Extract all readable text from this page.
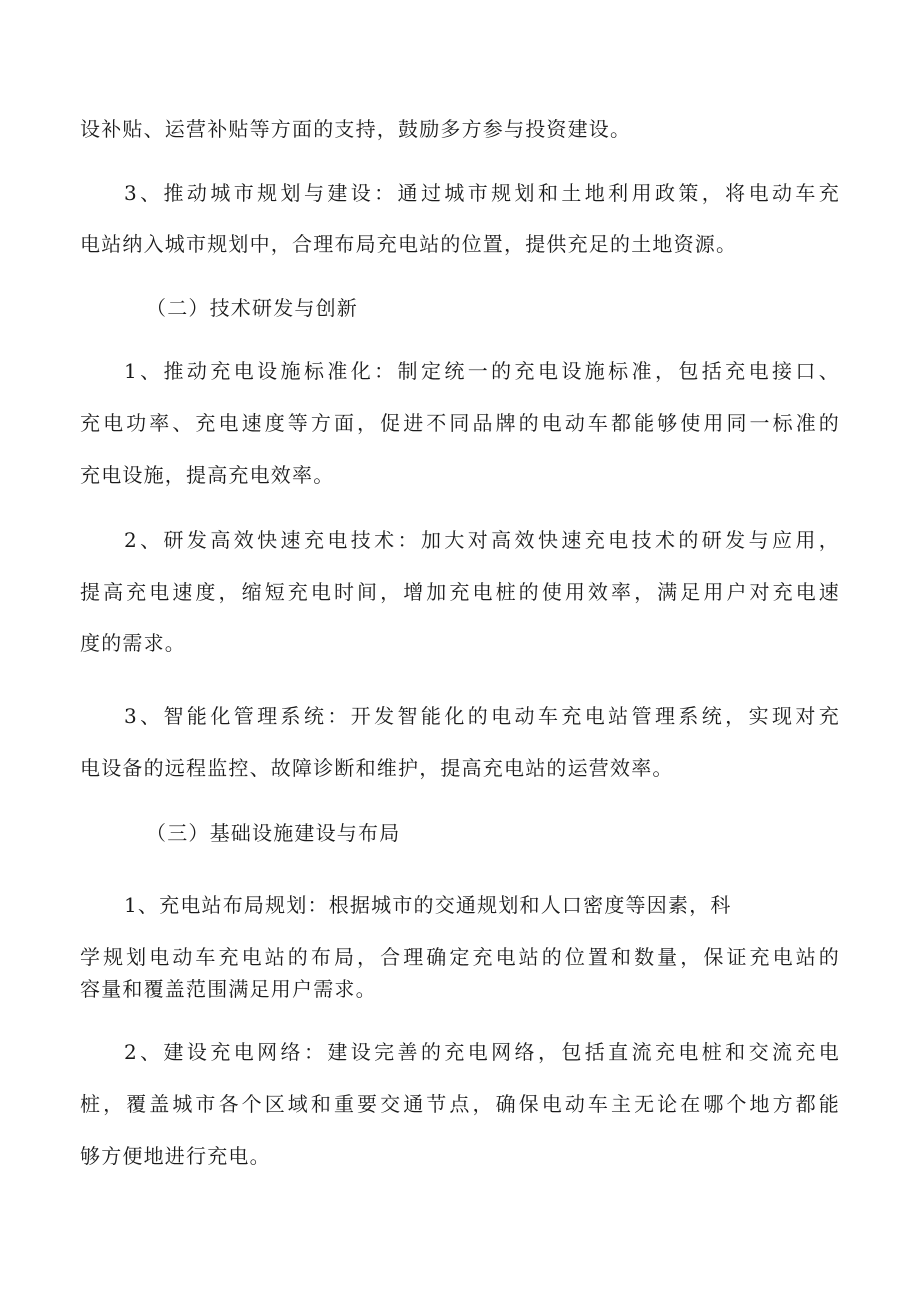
设补贴、运营补贴等方面的支持，鼓励多方参与投资建设。
3、推动城市规划与建设：通过城市规划和土地利用政策，将电动车充
电站纳入城市规划中，合理布局充电站的位置，提供充足的土地资源。
（二）技术研发与创新
1、推动充电设施标准化：制定统一的充电设施标准，包括充电接口、
充电功率、充电速度等方面，促进不同品牌的电动车都能够使用同一标准的
充电设施，提高充电效率。
2、研发高效快速充电技术：加大对高效快速充电技术的研发与应用，
提高充电速度，缩短充电时间，增加充电桩的使用效率，满足用户对充电速
度的需求。
3、智能化管理系统：开发智能化的电动车充电站管理系统，实现对充
电设备的远程监控、故障诊断和维护，提高充电站的运营效率。
（三）基础设施建设与布局
1、充电站布局规划：根据城市的交通规划和人口密度等因素，科
学规划电动车充电站的布局，合理确定充电站的位置和数量，保证充电站的
容量和覆盖范围满足用户需求。
2、建设充电网络：建设完善的充电网络，包括直流充电桩和交流充电
桩，覆盖城市各个区域和重要交通节点，确保电动车主无论在哪个地方都能
够方便地进行充电。
